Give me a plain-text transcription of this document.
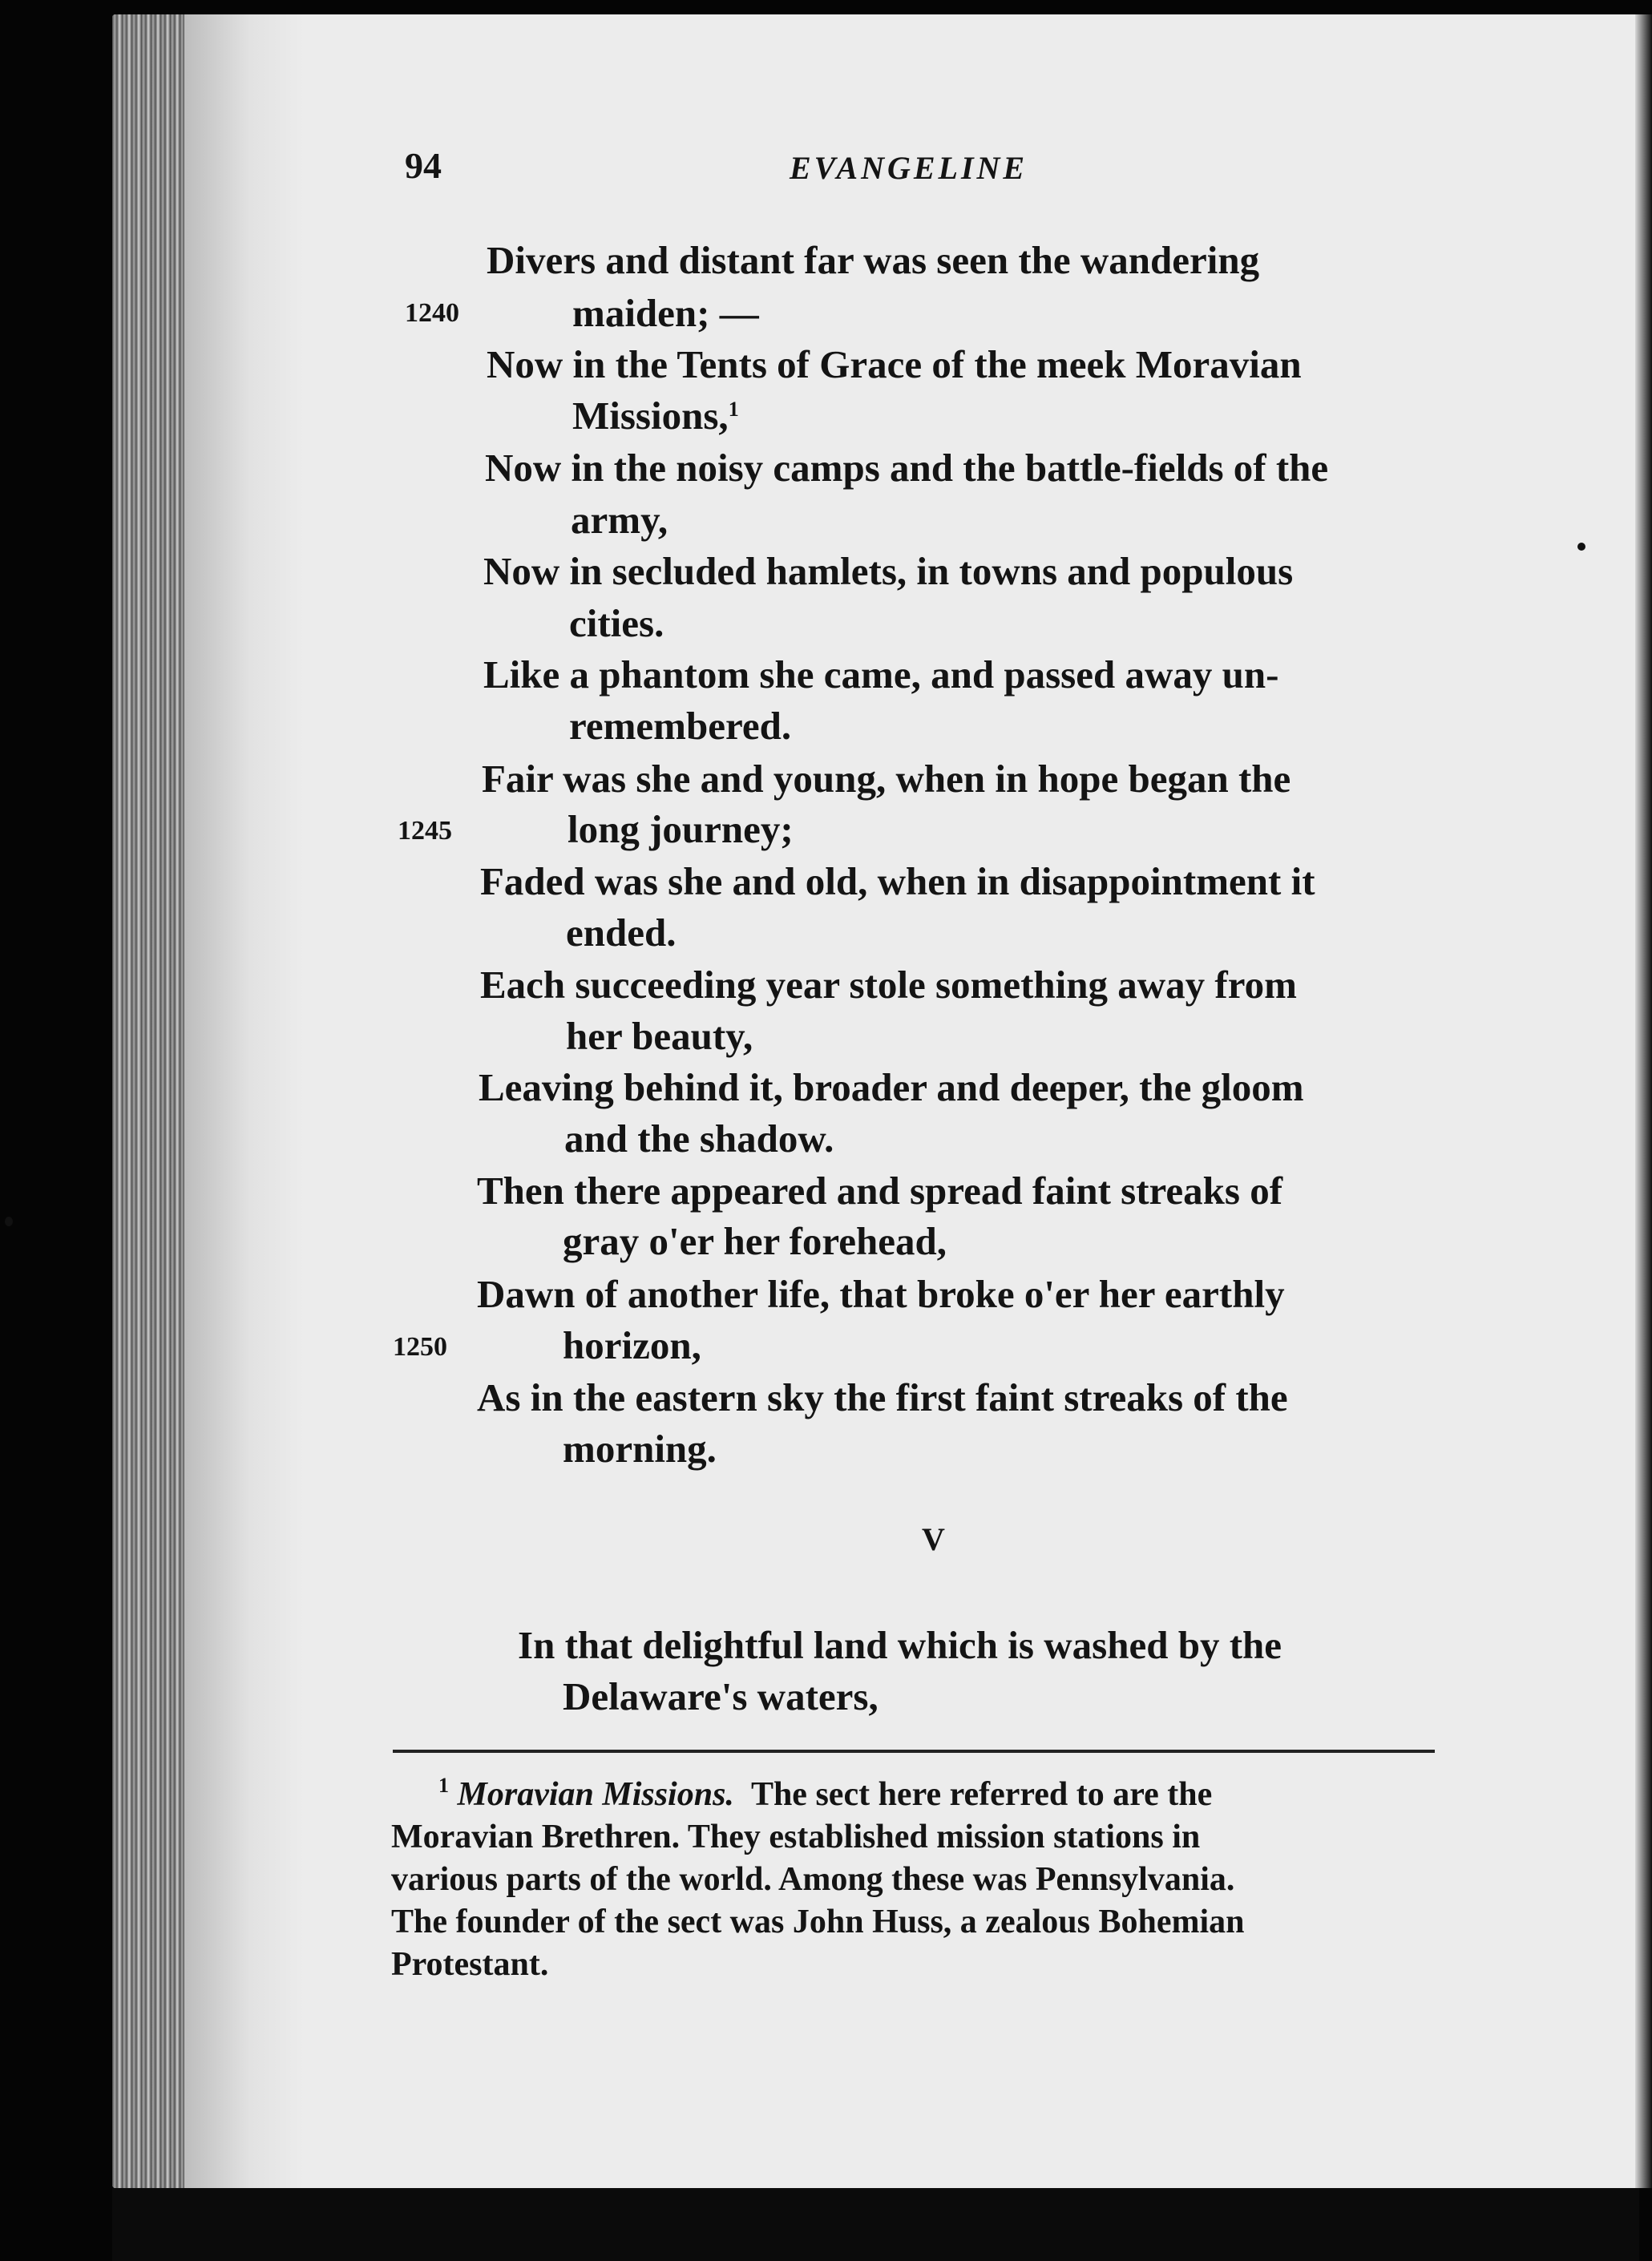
94	EVANGELINE
Divers and distant far was seen the wandering
1240	maiden; —
Now in the Tents of Grace of the meek Moravian
Missions,$^1$
Now in the noisy camps and the battle-fields of the
army,
Now in secluded hamlets, in towns and populous
cities.
Like a phantom she came, and passed away un-
remembered.
Fair was she and young, when in hope began the
1245	long journey;
Faded was she and old, when in disappointment it
ended.
Each succeeding year stole something away from
her beauty,
Leaving behind it, broader and deeper, the gloom
and the shadow.
Then there appeared and spread faint streaks of
gray o'er her forehead,
Dawn of another life, that broke o'er her earthly
1250	horizon,
As in the eastern sky the first faint streaks of the
morning.
V
In that delightful land which is washed by the
Delaware's waters,
$^1$ Moravian Missions. The sect here referred to are the
Moravian Brethren. They established mission stations in
various parts of the world. Among these was Pennsylvania.
The founder of the sect was John Huss, a zealous Bohemian
Protestant.
